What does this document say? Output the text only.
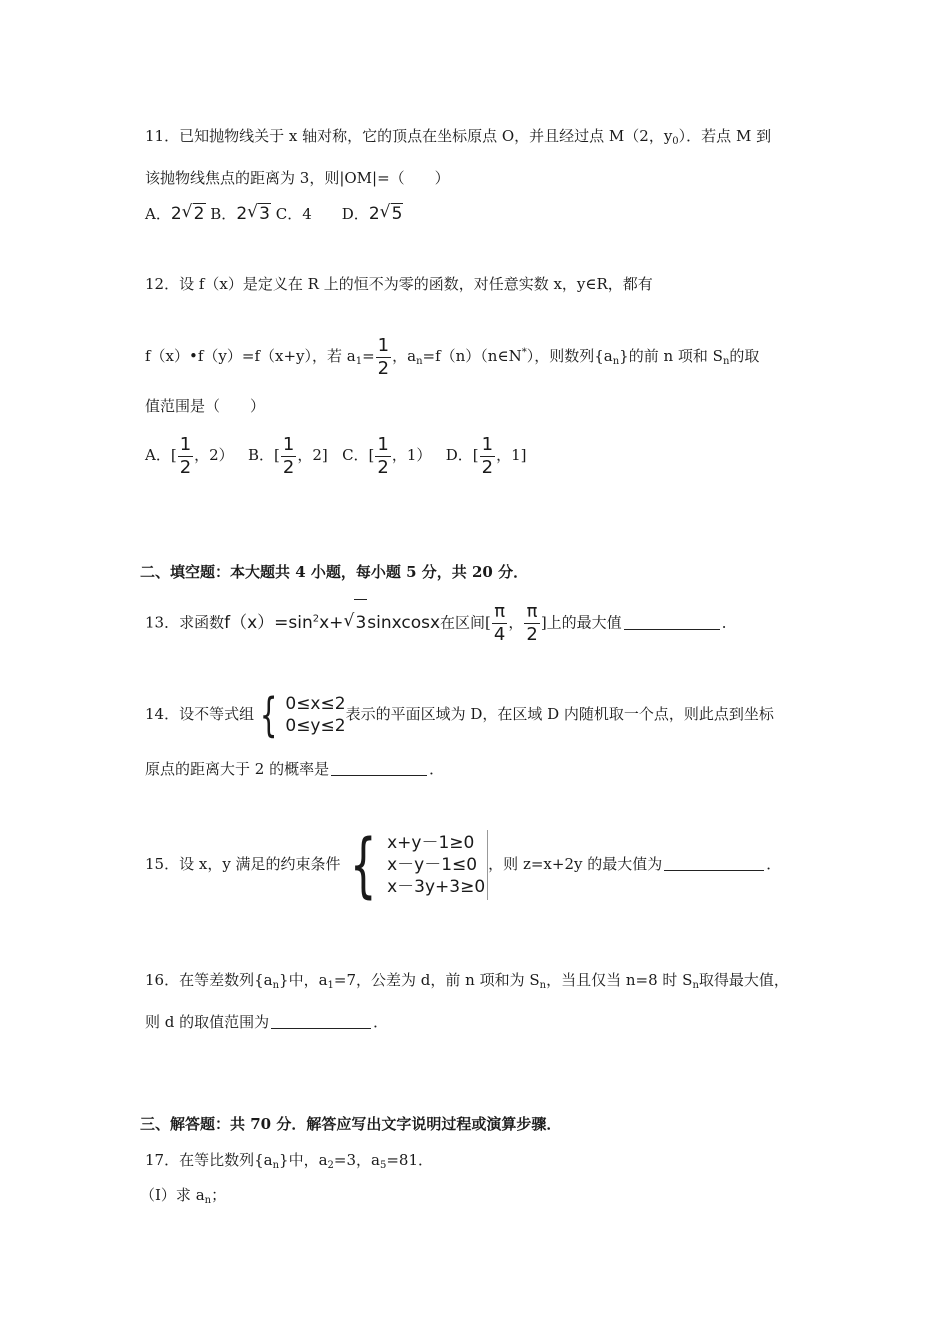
11．已知抛物线关于 x 轴对称，它的顶点在坐标原点 O，并且经过点 M（2，$y_0$）．若点 M 到
该抛物线焦点的距离为 3，则|OM|=（　　）
A．2√ 2 B．2√ 3 C．4　　D．2√ 5
12．设 f（x）是定义在 R 上的恒不为零的函数，对任意实数 x，y∈R，都有
f（x）•f（y）=f（x+y），若 $a_1= \frac{1}{2}$ ，$a_n=f(n)(n\in N^*)$，则数列$\{a_n\}$的前 n 项和 $S_n$的取
值范围是（　　）
A．[ $\frac{1}{2}$ ，2） B．[ $\frac{1}{2}$ ，2] C．[ $\frac{1}{2}$ ，1） D．[ $\frac{1}{2}$ ，1]
二、填空题：本大题共 4 小题，每小题 5 分，共 20 分．
13．求函数$f(x)=\sin^2x+√$ 3sinxcosx在区间[ $\frac{\pi}{4}$ ， $\frac{\pi}{2}$ ]上的最大值	．
14．设不等式组 { 0≤x≤2
0≤y≤2
表示的平面区域为 D，在区域 D 内随机取一个点，则此点到坐标
原点的距离大于 2 的概率是	．
15．设 x，y 满足的约束条件 { x+y－1≥0
x－y－1≤0
x－3y+3≥0
，则 z=x+2y 的最大值为	．
16．在等差数列$\{a_n\}$中，$a_1=7$，公差为 d，前 n 项和为 $S_n$，当且仅当 n=8 时 $S_n$取得最大值，
则 d 的取值范围为	．
三、解答题：共 70 分．解答应写出文字说明过程或演算步骤．
17．在等比数列$\{a_n\}$中，$a_2=3$，$a_5=81$．
（Ⅰ）求 $a_n$；
